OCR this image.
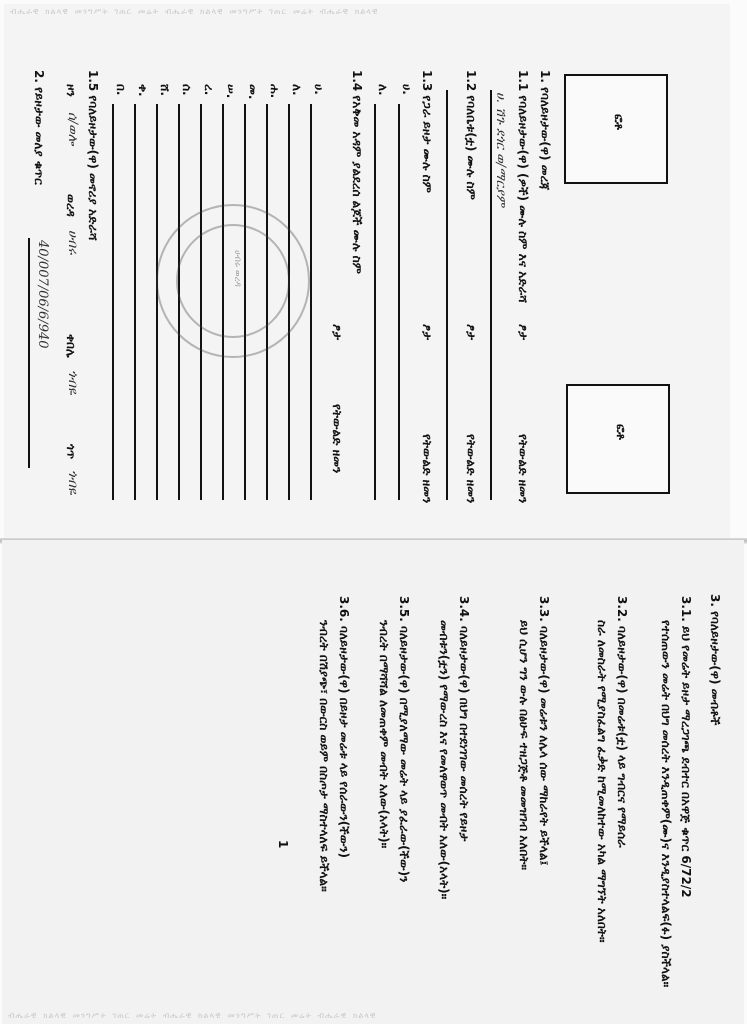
ብሔራዊ ክልላዊ መንግሥት ገጠር መሬት ብሔራዊ ክልላዊ መንግሥት ገጠር መሬት ብሔራዊ ክልላዊ
ፎቶ
ፎቶ
1. የባለይዞታው(ዋ) መረጃ
1.1 የባለይዞታው(ዋ) (ዎች) ሙሉ ስም እና አድራሻ
ፆታ
የትውልድ ዘመን
ሀ. ሽጉ ደጎር ወ/ማርያም
1.2 የባለቤቱ(ቷ) ሙሉ ስም
ፆታ
የትውልድ ዘመን
1.3 የጋራ ይዞታ ሙሉ ስም
ፆታ
የትውልድ ዘመን
ሀ.
ለ.
1.4 የአቅመ አዳም ያልደረሰ ልጆች ሙሉ ስም
ፆታ
የትውልድ ዘመን
ሀ.
ለ.
ሐ.
መ.
ሠ.
ረ.
ሰ.
ሸ.
ቀ.
በ.
1.5 የባለይዞታው(ዋ) መኖሪያ አድራሻ
ዞን
ሰ/ወሎ
ወረዳ
ሀብሩ
ቀበሌ
ጎብዬ
ጎጥ
ጎብዬ
2. የይዞታው መለያ ቁጥር
40/007/06/6/940	ሀብሩ ወረዳ
ብሔራዊ ክልላዊ መንግሥት ገጠር መሬት ብሔራዊ ክልላዊ መንግሥት ገጠር መሬት ብሔራዊ ክልላዊ
3. የባለይዞታው(ዋ) መብቶች
3.1. ይህ የመሬት ይዞታ ማረጋገጫ ደብተር በአዋጅ ቁጥር 6/72/2
የተሰጠውን መሬት በህግ መሰረት እንዲጠቀም(ሙ)ና እንዲያስተላልፍ(ፉ) ያስችላል።
3.2. ባለይዞታው(ዋ) በመሬቱ(ቷ) ላይ ግብርና የማይሰራ
ስራ ለመስራት የሚያስፈልግ ፈቃድ ከሚመለከተው አካል ማግኘት አለበት።
3.3. ባለይዞታው(ዋ) መሬቱን ለሌላ ሰው ማከራየት ይችላል፤
ይህ ሲሆን ግን ውሉ በፅሁፍ ተዘጋጅቶ መመዝገብ አለበት።
3.4. ባለይዞታው(ዋ) በህግ በተደነገገው መሰረት የይዞታ
መብቱን(ቷን) የማውረስ እና የመለዋወጥ መብት አለው(አላት)።
3.5. ባለይዞታው(ዋ) በሚያለማው መሬት ላይ ያፈራው(ችው)ን
ንብረት በማሻሻል ለመጠቀም መብት አለው(አላት)።
3.6. ባለይዞታው(ዋ) በይዞታ መሬቱ ላይ የሰራውን(ችውን)
ንብረት በሽያጭ፣ በውርስ ወይም በስጦታ ማስተላለፍ ይችላል።
1
